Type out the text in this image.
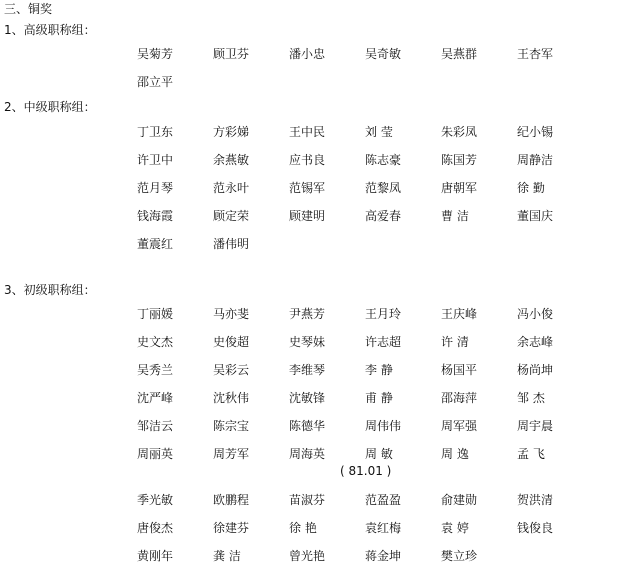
三、铜奖
1、高级职称组：
吴菊芳	顾卫芬	潘小忠	吴奇敏	吴燕群	王杏军
邵立平
2、中级职称组：
丁卫东	方彩娣	王中民	刘 莹	朱彩凤	纪小锡
许卫中	余燕敏	应书良	陈志豪	陈国芳	周静洁
范月琴	范永叶	范锡军	范黎凤	唐朝军	徐 勤
钱海霞	顾定荣	顾建明	高爱春	曹 洁	董国庆
董震红	潘伟明
3、初级职称组：
丁丽媛	马亦斐	尹燕芳	王月玲	王庆峰	冯小俊
史文杰	史俊超	史琴妹	许志超	许 清	余志峰
吴秀兰	吴彩云	李维琴	李 静	杨国平	杨尚坤
沈严峰	沈秋伟	沈敏锋	甫 静	邵海萍	邹 杰
邹洁云	陈宗宝	陈德华	周伟伟	周军强	周宇晨
周丽英	周芳军	周海英	周 敏	周 逸	孟 飞
季光敏	欧鹏程	苗淑芬	范盈盈	俞建勋	贺洪清
唐俊杰	徐建芬	徐 艳	袁红梅	袁 婷	钱俊良
黄刚年	龚 洁	曾光艳	蒋金坤	樊立珍
( 81.01 )
